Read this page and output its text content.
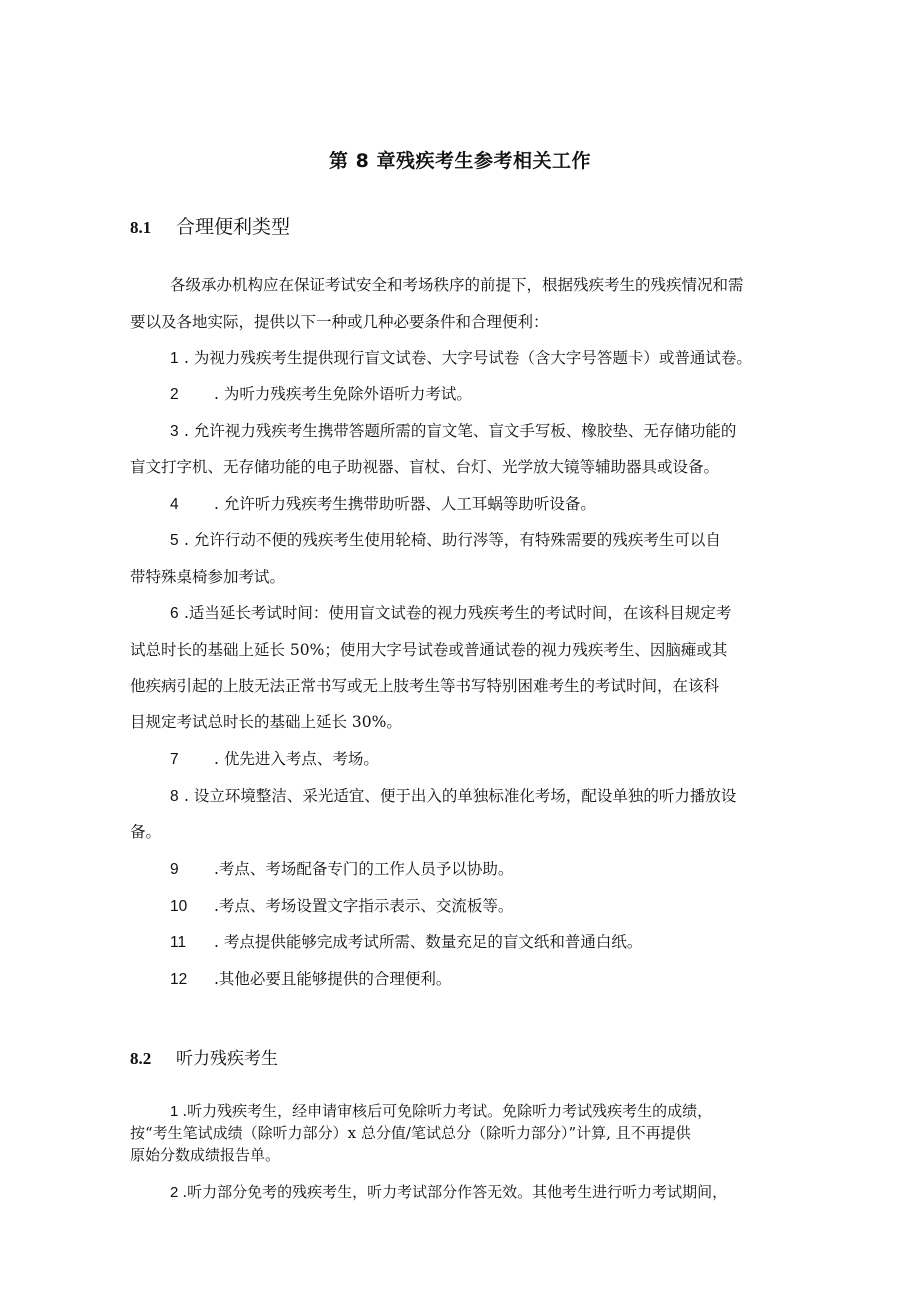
第 8 章残疾考生参考相关工作
8.1	合理便利类型
各级承办机构应在保证考试安全和考场秩序的前提下，根据残疾考生的残疾情况和需
要以及各地实际，提供以下一种或几种必要条件和合理便利：
1 . 为视力残疾考生提供现行盲文试卷、大字号试卷（含大字号答题卡）或普通试卷。
2 . 为听力残疾考生免除外语听力考试。
3 . 允许视力残疾考生携带答题所需的盲文笔、盲文手写板、橡胶垫、无存储功能的
盲文打字机、无存储功能的电子助视器、盲杖、台灯、光学放大镜等辅助器具或设备。
4 . 允许听力残疾考生携带助听器、人工耳蜗等助听设备。
5 . 允许行动不便的残疾考生使用轮椅、助行涔等，有特殊需要的残疾考生可以自
带特殊桌椅参加考试。
6 .适当延长考试时间：使用盲文试卷的视力残疾考生的考试时间，在该科目规定考
试总时长的基础上延长 50%；使用大字号试卷或普通试卷的视力残疾考生、因脑瘫或其
他疾病引起的上肢无法正常书写或无上肢考生等书写特别困难考生的考试时间，在该科
目规定考试总时长的基础上延长 30%。
7 . 优先进入考点、考场。
8 . 设立环境整洁、采光适宜、便于出入的单独标准化考场，配设单独的听力播放设
备。
9 .考点、考场配备专门的工作人员予以协助。
10 .考点、考场设置文字指示表示、交流板等。
11 . 考点提供能够完成考试所需、数量充足的盲文纸和普通白纸。
12 .其他必要且能够提供的合理便利。
8.2	听力残疾考生
1 .听力残疾考生，经申请审核后可免除听力考试。免除听力考试残疾考生的成绩，
按“考生笔试成绩（除听力部分）x 总分值/笔试总分（除听力部分）”计算, 且不再提供
原始分数成绩报告单。
2 .听力部分免考的残疾考生，听力考试部分作答无效。其他考生进行听力考试期间，
